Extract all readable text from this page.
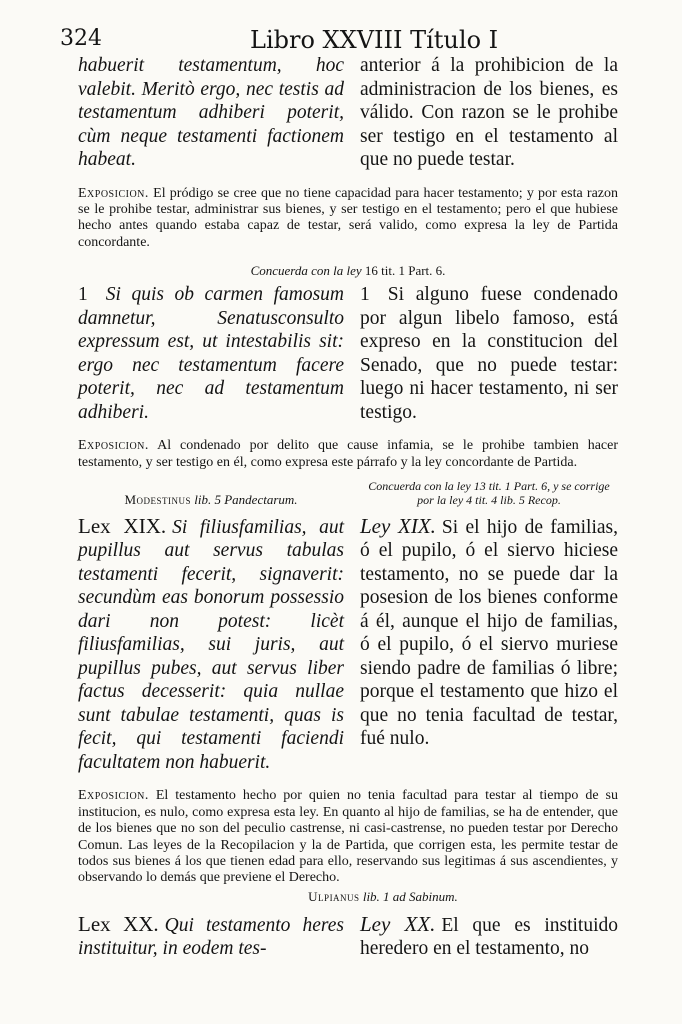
324	Libro XXVIII Título I

habuerit testamentum, hoc valebit. Meritò ergo, nec testis ad testamentum adhiberi poterit, cùm neque testamenti factionem habeat.

anterior á la prohibicion de la administracion de los bienes, es válido. Con razon se le prohibe ser testigo en el testamento al que no puede testar.

Exposicion. El pródigo se cree que no tiene capacidad para hacer testamento; y por esta razon se le prohibe testar, administrar sus bienes, y ser testigo en el testamento; pero el que hubiese hecho antes quando estaba capaz de testar, será valido, como expresa la ley de Partida concordante.

Concuerda con la ley 16 tit. 1 Part. 6.

1 Si quis ob carmen famosum damnetur, Senatusconsulto expressum est, ut intestabilis sit: ergo nec testamentum facere poterit, nec ad testamentum adhiberi.

1 Si alguno fuese condenado por algun libelo famoso, está expreso en la constitucion del Senado, que no puede testar: luego ni hacer testamento, ni ser testigo.

Exposicion. Al condenado por delito que cause infamia, se le prohibe tambien hacer testamento, y ser testigo en él, como expresa este párrafo y la ley concordante de Partida.

Modestinus lib. 5 Pandectarum.

Concuerda con la ley 13 tit. 1 Part. 6, y se corrige por la ley 4 tit. 4 lib. 5 Recop.

Lex XIX. Si filiusfamilias, aut pupillus aut servus tabulas testamenti fecerit, signaverit: secundùm eas bonorum possessio dari non potest: licèt filiusfamilias, sui juris, aut pupillus pubes, aut servus liber factus decesserit: quia nullae sunt tabulae testamenti, quas is fecit, qui testamenti faciendi facultatem non habuerit.

Ley XIX. Si el hijo de familias, ó el pupilo, ó el siervo hiciese testamento, no se puede dar la posesion de los bienes conforme á él, aunque el hijo de familias, ó el pupilo, ó el siervo muriese siendo padre de familias ó libre; porque el testamento que hizo el que no tenia facultad de testar, fué nulo.

Exposicion. El testamento hecho por quien no tenia facultad para testar al tiempo de su institucion, es nulo, como expresa esta ley. En quanto al hijo de familias, se ha de entender, que de los bienes que no son del peculio castrense, ni casi-castrense, no pueden testar por Derecho Comun. Las leyes de la Recopilacion y la de Partida, que corrigen esta, les permite testar de todos sus bienes á los que tienen edad para ello, reservando sus legitimas á sus ascendientes, y observando lo demás que previene el Derecho.

Ulpianus lib. 1 ad Sabinum.

Lex XX. Qui testamento heres instituitur, in eodem tes-

Ley XX. El que es instituido heredero en el testamento, no
